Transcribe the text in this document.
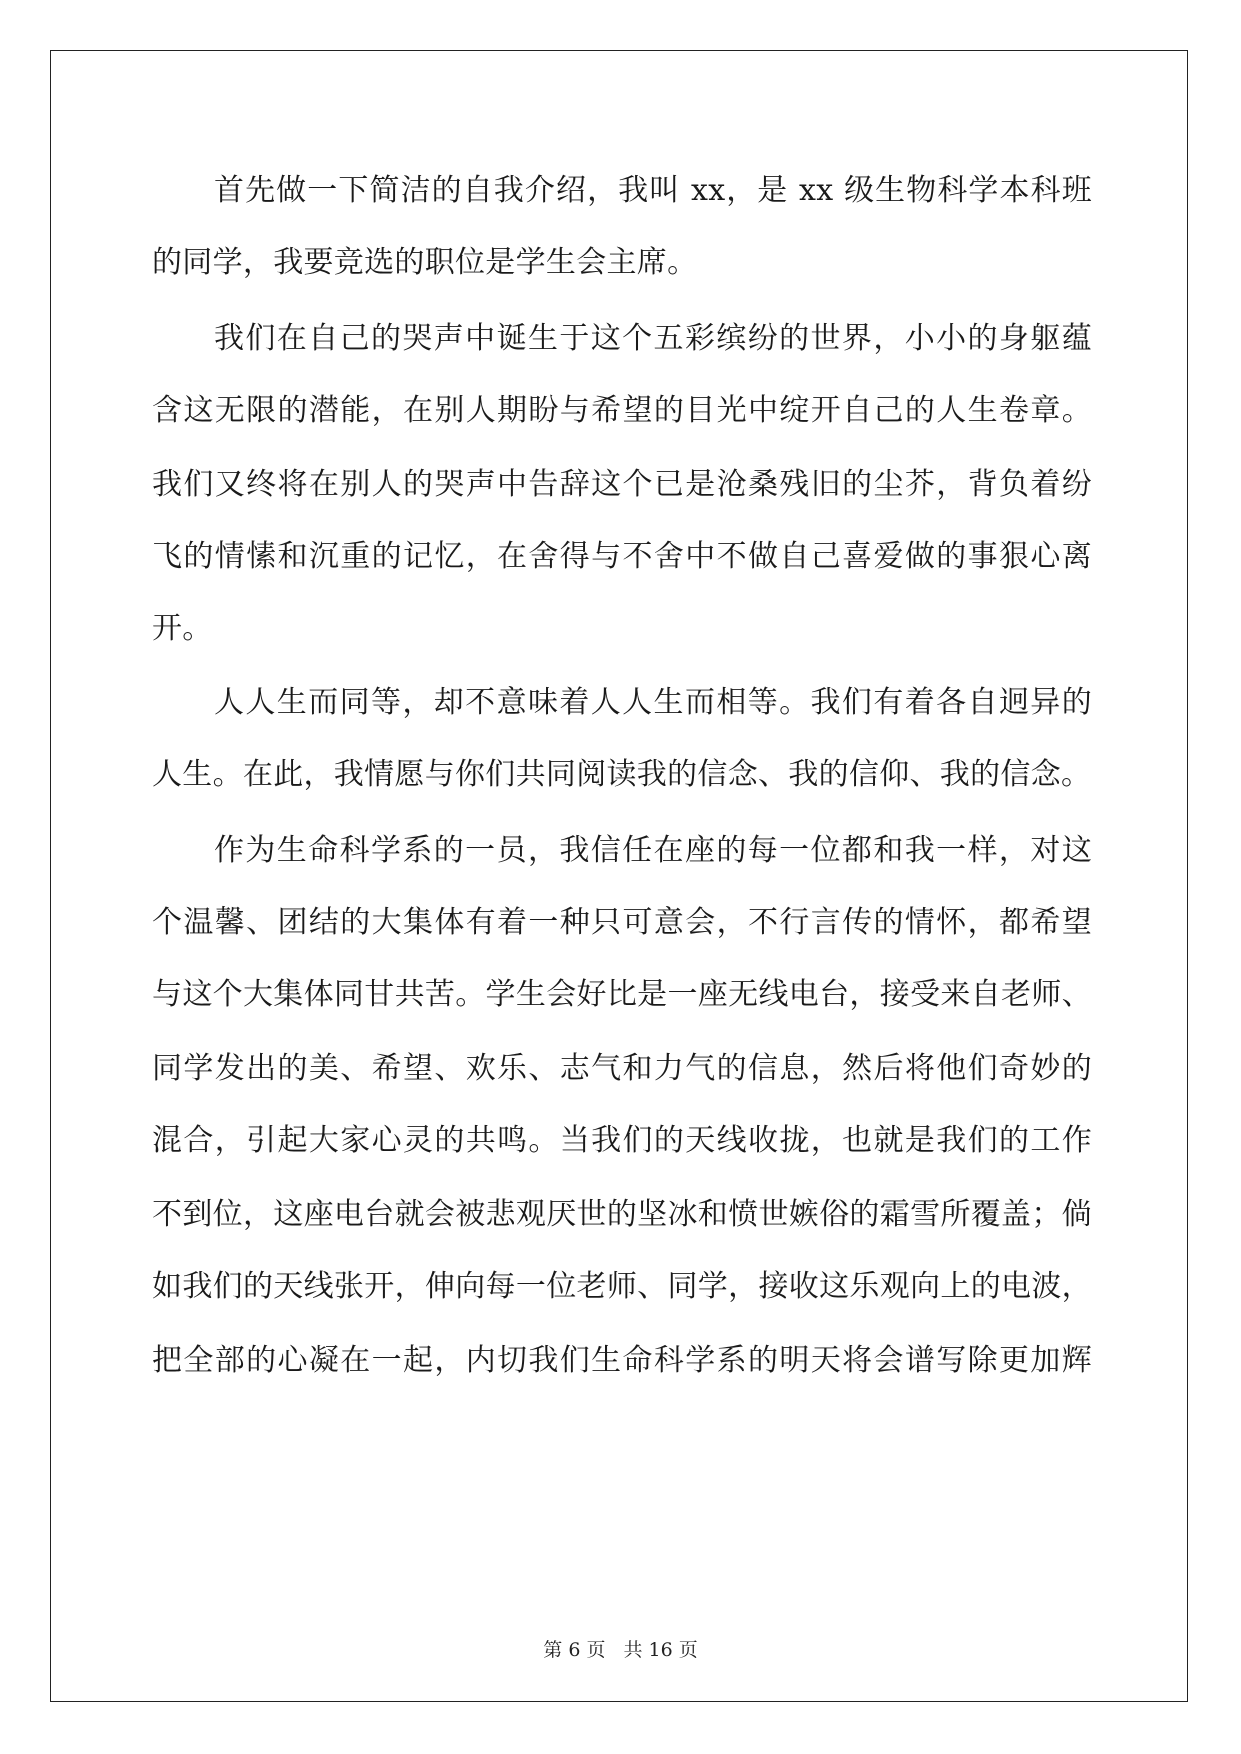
首先做一下简洁的自我介绍，我叫 xx，是 xx 级生物科学本科班
的同学，我要竞选的职位是学生会主席。
我们在自己的哭声中诞生于这个五彩缤纷的世界，小小的身躯蕴
含这无限的潜能，在别人期盼与希望的目光中绽开自己的人生卷章。
我们又终将在别人的哭声中告辞这个已是沧桑残旧的尘芥，背负着纷
飞的情愫和沉重的记忆，在舍得与不舍中不做自己喜爱做的事狠心离
开。
人人生而同等，却不意味着人人生而相等。我们有着各自迥异的
人生。在此，我情愿与你们共同阅读我的信念、我的信仰、我的信念。
作为生命科学系的一员，我信任在座的每一位都和我一样，对这
个温馨、团结的大集体有着一种只可意会，不行言传的情怀，都希望
与这个大集体同甘共苦。学生会好比是一座无线电台，接受来自老师、
同学发出的美、希望、欢乐、志气和力气的信息，然后将他们奇妙的
混合，引起大家心灵的共鸣。当我们的天线收拢，也就是我们的工作
不到位，这座电台就会被悲观厌世的坚冰和愤世嫉俗的霜雪所覆盖；倘
如我们的天线张开，伸向每一位老师、同学，接收这乐观向上的电波，
把全部的心凝在一起，内切我们生命科学系的明天将会谱写除更加辉
第 6 页 共 16 页
